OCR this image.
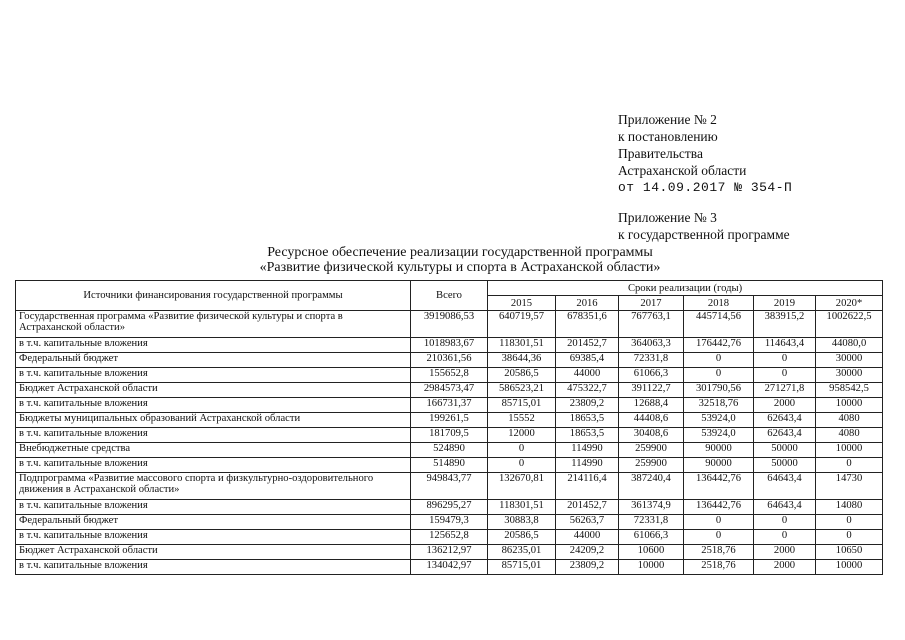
Приложение № 2
к постановлению
Правительства
Астраханской области
от 14.09.2017 № 354-П
Приложение № 3
к государственной программе
Ресурсное обеспечение реализации государственной программы
«Развитие физической культуры и спорта в Астраханской области»
Источники финансирования государственной программы	Всего	Сроки реализации (годы)					
		2015	2016	2017	2018	2019	2020*
Государственная программа «Развитие физической культуры и спорта в Астраханской области»	3919086,53	640719,57	678351,6	767763,1	445714,56	383915,2	1002622,5
в т.ч. капитальные вложения	1018983,67	118301,51	201452,7	364063,3	176442,76	114643,4	44080,0
Федеральный бюджет	210361,56	38644,36	69385,4	72331,8	0	0	30000
в т.ч. капитальные вложения	155652,8	20586,5	44000	61066,3	0	0	30000
Бюджет Астраханской области	2984573,47	586523,21	475322,7	391122,7	301790,56	271271,8	958542,5
в т.ч. капитальные вложения	166731,37	85715,01	23809,2	12688,4	32518,76	2000	10000
Бюджеты муниципальных образований Астраханской области	199261,5	15552	18653,5	44408,6	53924,0	62643,4	4080
в т.ч. капитальные вложения	181709,5	12000	18653,5	30408,6	53924,0	62643,4	4080
Внебюджетные средства	524890	0	114990	259900	90000	50000	10000
в т.ч. капитальные вложения	514890	0	114990	259900	90000	50000	0
Подпрограмма «Развитие массового спорта и физкультурно-оздоровительного движения в Астраханской области»	949843,77	132670,81	214116,4	387240,4	136442,76	64643,4	14730
в т.ч. капитальные вложения	896295,27	118301,51	201452,7	361374,9	136442,76	64643,4	14080
Федеральный бюджет	159479,3	30883,8	56263,7	72331,8	0	0	0
в т.ч. капитальные вложения	125652,8	20586,5	44000	61066,3	0	0	0
Бюджет Астраханской области	136212,97	86235,01	24209,2	10600	2518,76	2000	10650
в т.ч. капитальные вложения	134042,97	85715,01	23809,2	10000	2518,76	2000	10000
